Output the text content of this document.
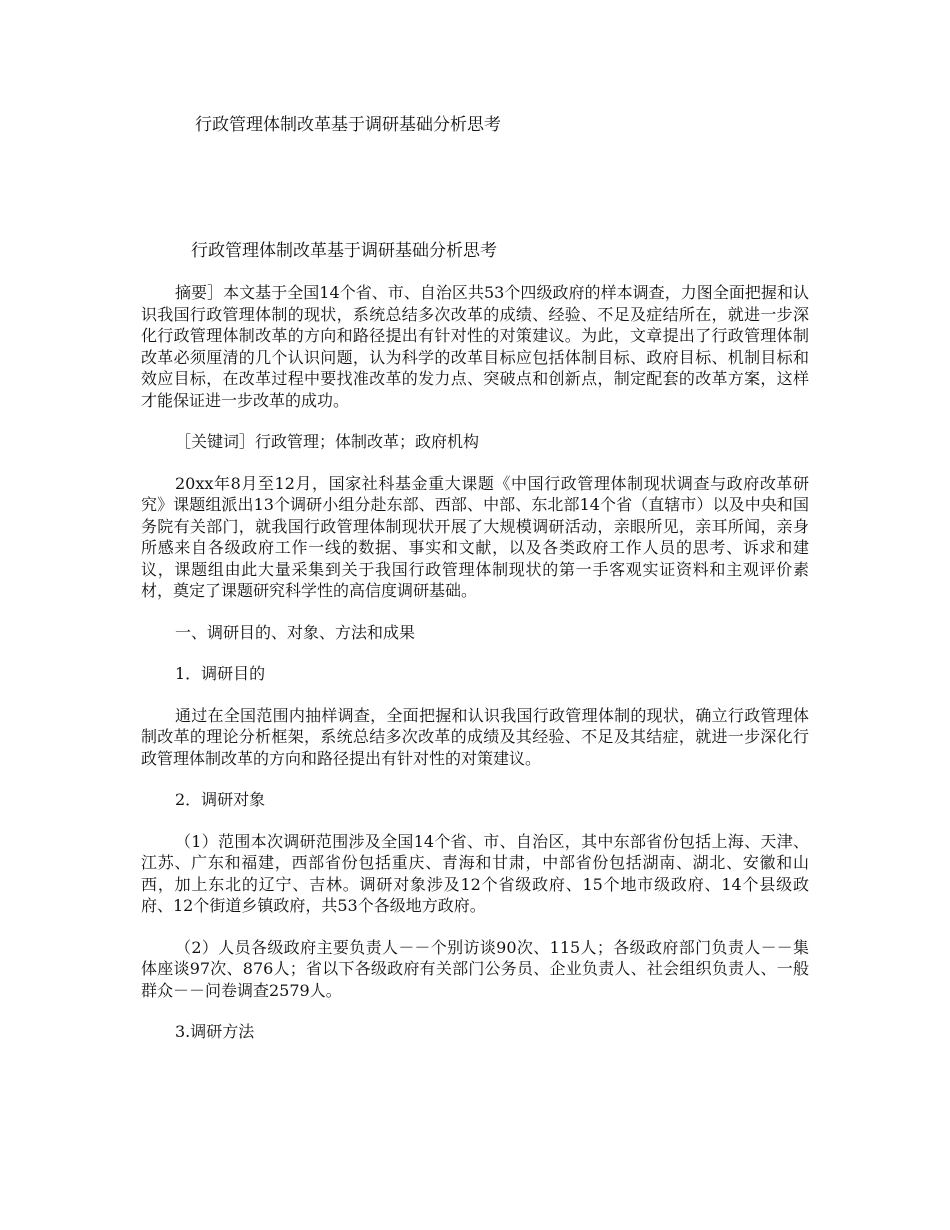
行政管理体制改革基于调研基础分析思考
行政管理体制改革基于调研基础分析思考

摘要］本文基于全国14个省、市、自治区共53个四级政府的样本调查，力图全面把握和认识我国行政管理体制的现状，系统总结多次改革的成绩、经验、不足及症结所在，就进一步深化行政管理体制改革的方向和路径提出有针对性的对策建议。为此，文章提出了行政管理体制改革必须厘清的几个认识问题，认为科学的改革目标应包括体制目标、政府目标、机制目标和效应目标，在改革过程中要找准改革的发力点、突破点和创新点，制定配套的改革方案，这样才能保证进一步改革的成功。

［关键词］行政管理；体制改革；政府机构

20xx年8月至12月，国家社科基金重大课题《中国行政管理体制现状调查与政府改革研究》课题组派出13个调研小组分赴东部、西部、中部、东北部14个省（直辖市）以及中央和国务院有关部门，就我国行政管理体制现状开展了大规模调研活动，亲眼所见，亲耳所闻，亲身所感来自各级政府工作一线的数据、事实和文献，以及各类政府工作人员的思考、诉求和建议，课题组由此大量采集到关于我国行政管理体制现状的第一手客观实证资料和主观评价素材，奠定了课题研究科学性的高信度调研基础。

一、调研目的、对象、方法和成果

1．调研目的

通过在全国范围内抽样调查，全面把握和认识我国行政管理体制的现状，确立行政管理体制改革的理论分析框架，系统总结多次改革的成绩及其经验、不足及其结症，就进一步深化行政管理体制改革的方向和路径提出有针对性的对策建议。

2．调研对象

（1）范围本次调研范围涉及全国14个省、市、自治区，其中东部省份包括上海、天津、江苏、广东和福建，西部省份包括重庆、青海和甘肃，中部省份包括湖南、湖北、安徽和山西，加上东北的辽宁、吉林。调研对象涉及12个省级政府、15个地市级政府、14个县级政府、12个街道乡镇政府，共53个各级地方政府。

（2）人员各级政府主要负责人－－个别访谈90次、115人；各级政府部门负责人－－集体座谈97次、876人；省以下各级政府有关部门公务员、企业负责人、社会组织负责人、一般群众－－问卷调查2579人。

3.调研方法
